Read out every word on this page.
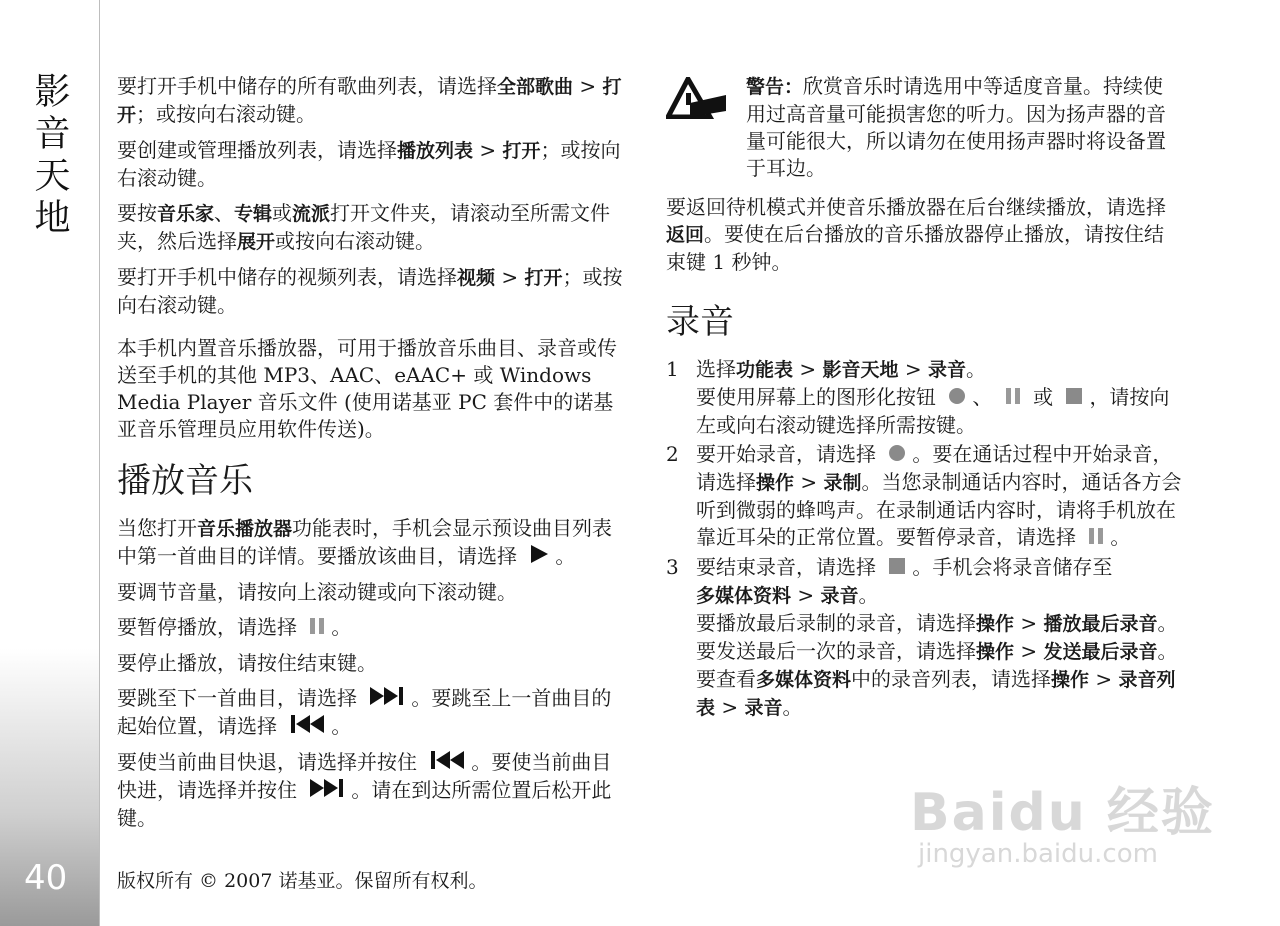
影音天地
40

要打开手机中储存的所有歌曲列表，请选择全部歌曲 > 打开；或按向右滚动键。

要创建或管理播放列表，请选择播放列表 > 打开；或按向右滚动键。

要按音乐家、专辑或流派打开文件夹，请滚动至所需文件夹，然后选择展开或按向右滚动键。

要打开手机中储存的视频列表，请选择视频 > 打开；或按向右滚动键。

本手机内置音乐播放器，可用于播放音乐曲目、录音或传送至手机的其他 MP3、AAC、eAAC+ 或 Windows Media Player 音乐文件 (使用诺基亚 PC 套件中的诺基亚音乐管理员应用软件传送)。

播放音乐

当您打开音乐播放器功能表时，手机会显示预设曲目列表中第一首曲目的详情。要播放该曲目，请选择 。

要调节音量，请按向上滚动键或向下滚动键。

要暂停播放，请选择 。

要停止播放，请按住结束键。

要跳至下一首曲目，请选择	。要跳至上一首曲目的起始位置，请选择	。

要使当前曲目快退，请选择并按住	。要使当前曲目快进，请选择并按住	。请在到达所需位置后松开此键。

警告：欣赏音乐时请选用中等适度音量。持续使用过高音量可能损害您的听力。因为扬声器的音量可能很大，所以请勿在使用扬声器时将设备置于耳边。

要返回待机模式并使音乐播放器在后台继续播放，请选择返回。要使在后台播放的音乐播放器停止播放，请按住结束键 1 秒钟。

录音
1 选择功能表 > 影音天地 > 录音。
要使用屏幕上的图形化按钮 、 或 ，请按向左或向右滚动键选择所需按键。
2 要开始录音，请选择 。要在通话过程中开始录音，请选择操作 > 录制。当您录制通话内容时，通话各方会听到微弱的蜂鸣声。在录制通话内容时，请将手机放在靠近耳朵的正常位置。要暂停录音，请选择 。
3 要结束录音，请选择 。手机会将录音储存至
多媒体资料 > 录音。
要播放最后录制的录音，请选择操作 > 播放最后录音。
要发送最后一次的录音，请选择操作 > 发送最后录音。
要查看多媒体资料中的录音列表，请选择操作 > 录音列表 > 录音。
版权所有 © 2007 诺基亚。保留所有权利。
Baidu 经验
jingyan.baidu.com
